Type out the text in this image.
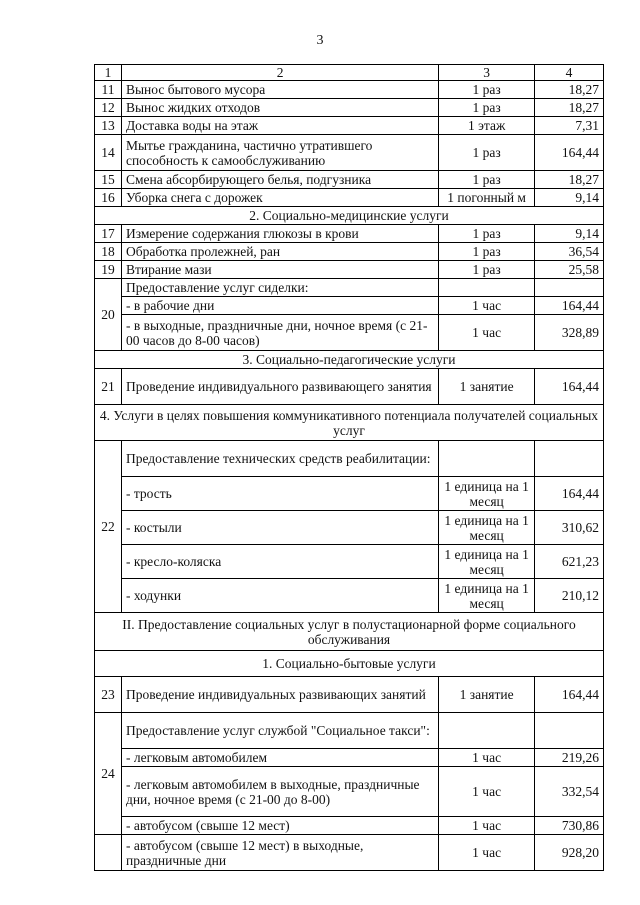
3
1	2	3	4
11	Вынос бытового мусора	1 раз	18,27
12	Вынос жидких отходов	1 раз	18,27
13	Доставка воды на этаж	1 этаж	7,31
14	Мытье гражданина, частично утратившего способность к самообслуживанию	1 раз	164,44
15	Смена абсорбирующего белья, подгузника	1 раз	18,27
16	Уборка снега с дорожек	1 погонный м	9,14
2. Социально-медицинские услуги			
17	Измерение содержания глюкозы в крови	1 раз	9,14
18	Обработка пролежней, ран	1 раз	36,54
19	Втирание мази	1 раз	25,58
20	Предоставление услуг сиделки:		
	- в рабочие дни	1 час	164,44
	- в выходные, праздничные дни, ночное время (с 21-00 часов до 8-00 часов)	1 час	328,89
3. Социально-педагогические услуги			
21	Проведение индивидуального развивающего занятия	1 занятие	164,44
4. Услуги в целях повышения коммуникативного потенциала получателей социальных услуг			
22	Предоставление технических средств реабилитации:		
	- трость	1 единица на 1 месяц	164,44
	- костыли	1 единица на 1 месяц	310,62
	- кресло-коляска	1 единица на 1 месяц	621,23
	- ходунки	1 единица на 1 месяц	210,12
II. Предоставление социальных услуг в полустационарной форме социального обслуживания			
1. Социально-бытовые услуги			
23	Проведение индивидуальных развивающих занятий	1 занятие	164,44
24	Предоставление услуг службой "Социальное такси":		
	- легковым автомобилем	1 час	219,26
	- легковым автомобилем в выходные, праздничные дни, ночное время (с 21-00 до 8-00)	1 час	332,54
	- автобусом (свыше 12 мест)	1 час	730,86
	- автобусом (свыше 12 мест) в выходные, праздничные дни	1 час	928,20
